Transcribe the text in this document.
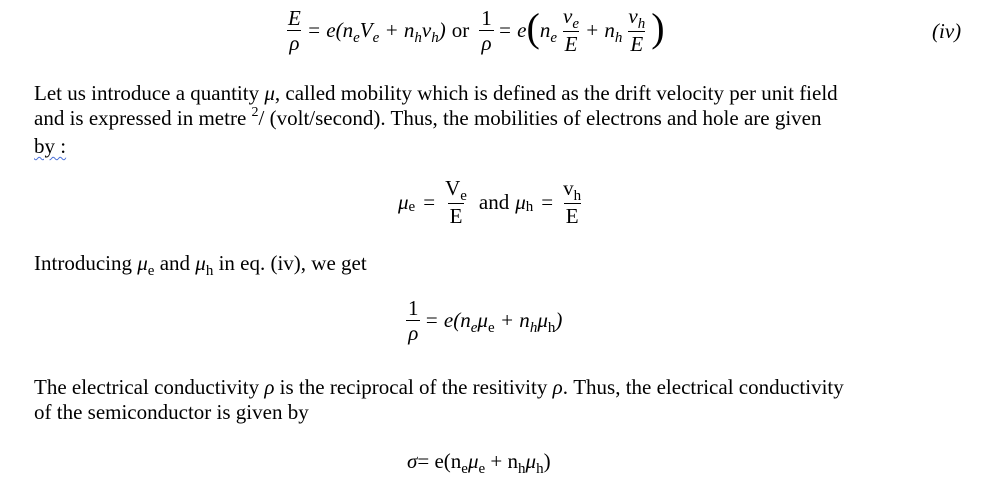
$\frac{E}{\rho} = e(n_eV_e + n_hv_h)$ or $\frac{1}{\rho} = e$ ( $n_e \frac{v_e}{E} + n_h \frac{v_h}{E}$ )	(iv)
Let us introduce a quantity μ, called mobility which is defined as the drift velocity per unit field
and is expressed in metre $^2$/ (volt/second). Thus, the mobilities of electrons and hole are given
by :
μ $e = \frac{V_e}{E}$ and μ $h = \frac{v_h}{E}$
Introducing $\mu_e$ and $\mu_h$ in eq. (iv), we get
$\frac{1}{\rho} = e(n_e\mu_e + n_h\mu_h)$
The electrical conductivity ρ is the reciprocal of the resitivity ρ. Thus, the electrical conductivity
of the semiconductor is given by
$\sigma = e(n_e\mu_e + n_h\mu_h)$
